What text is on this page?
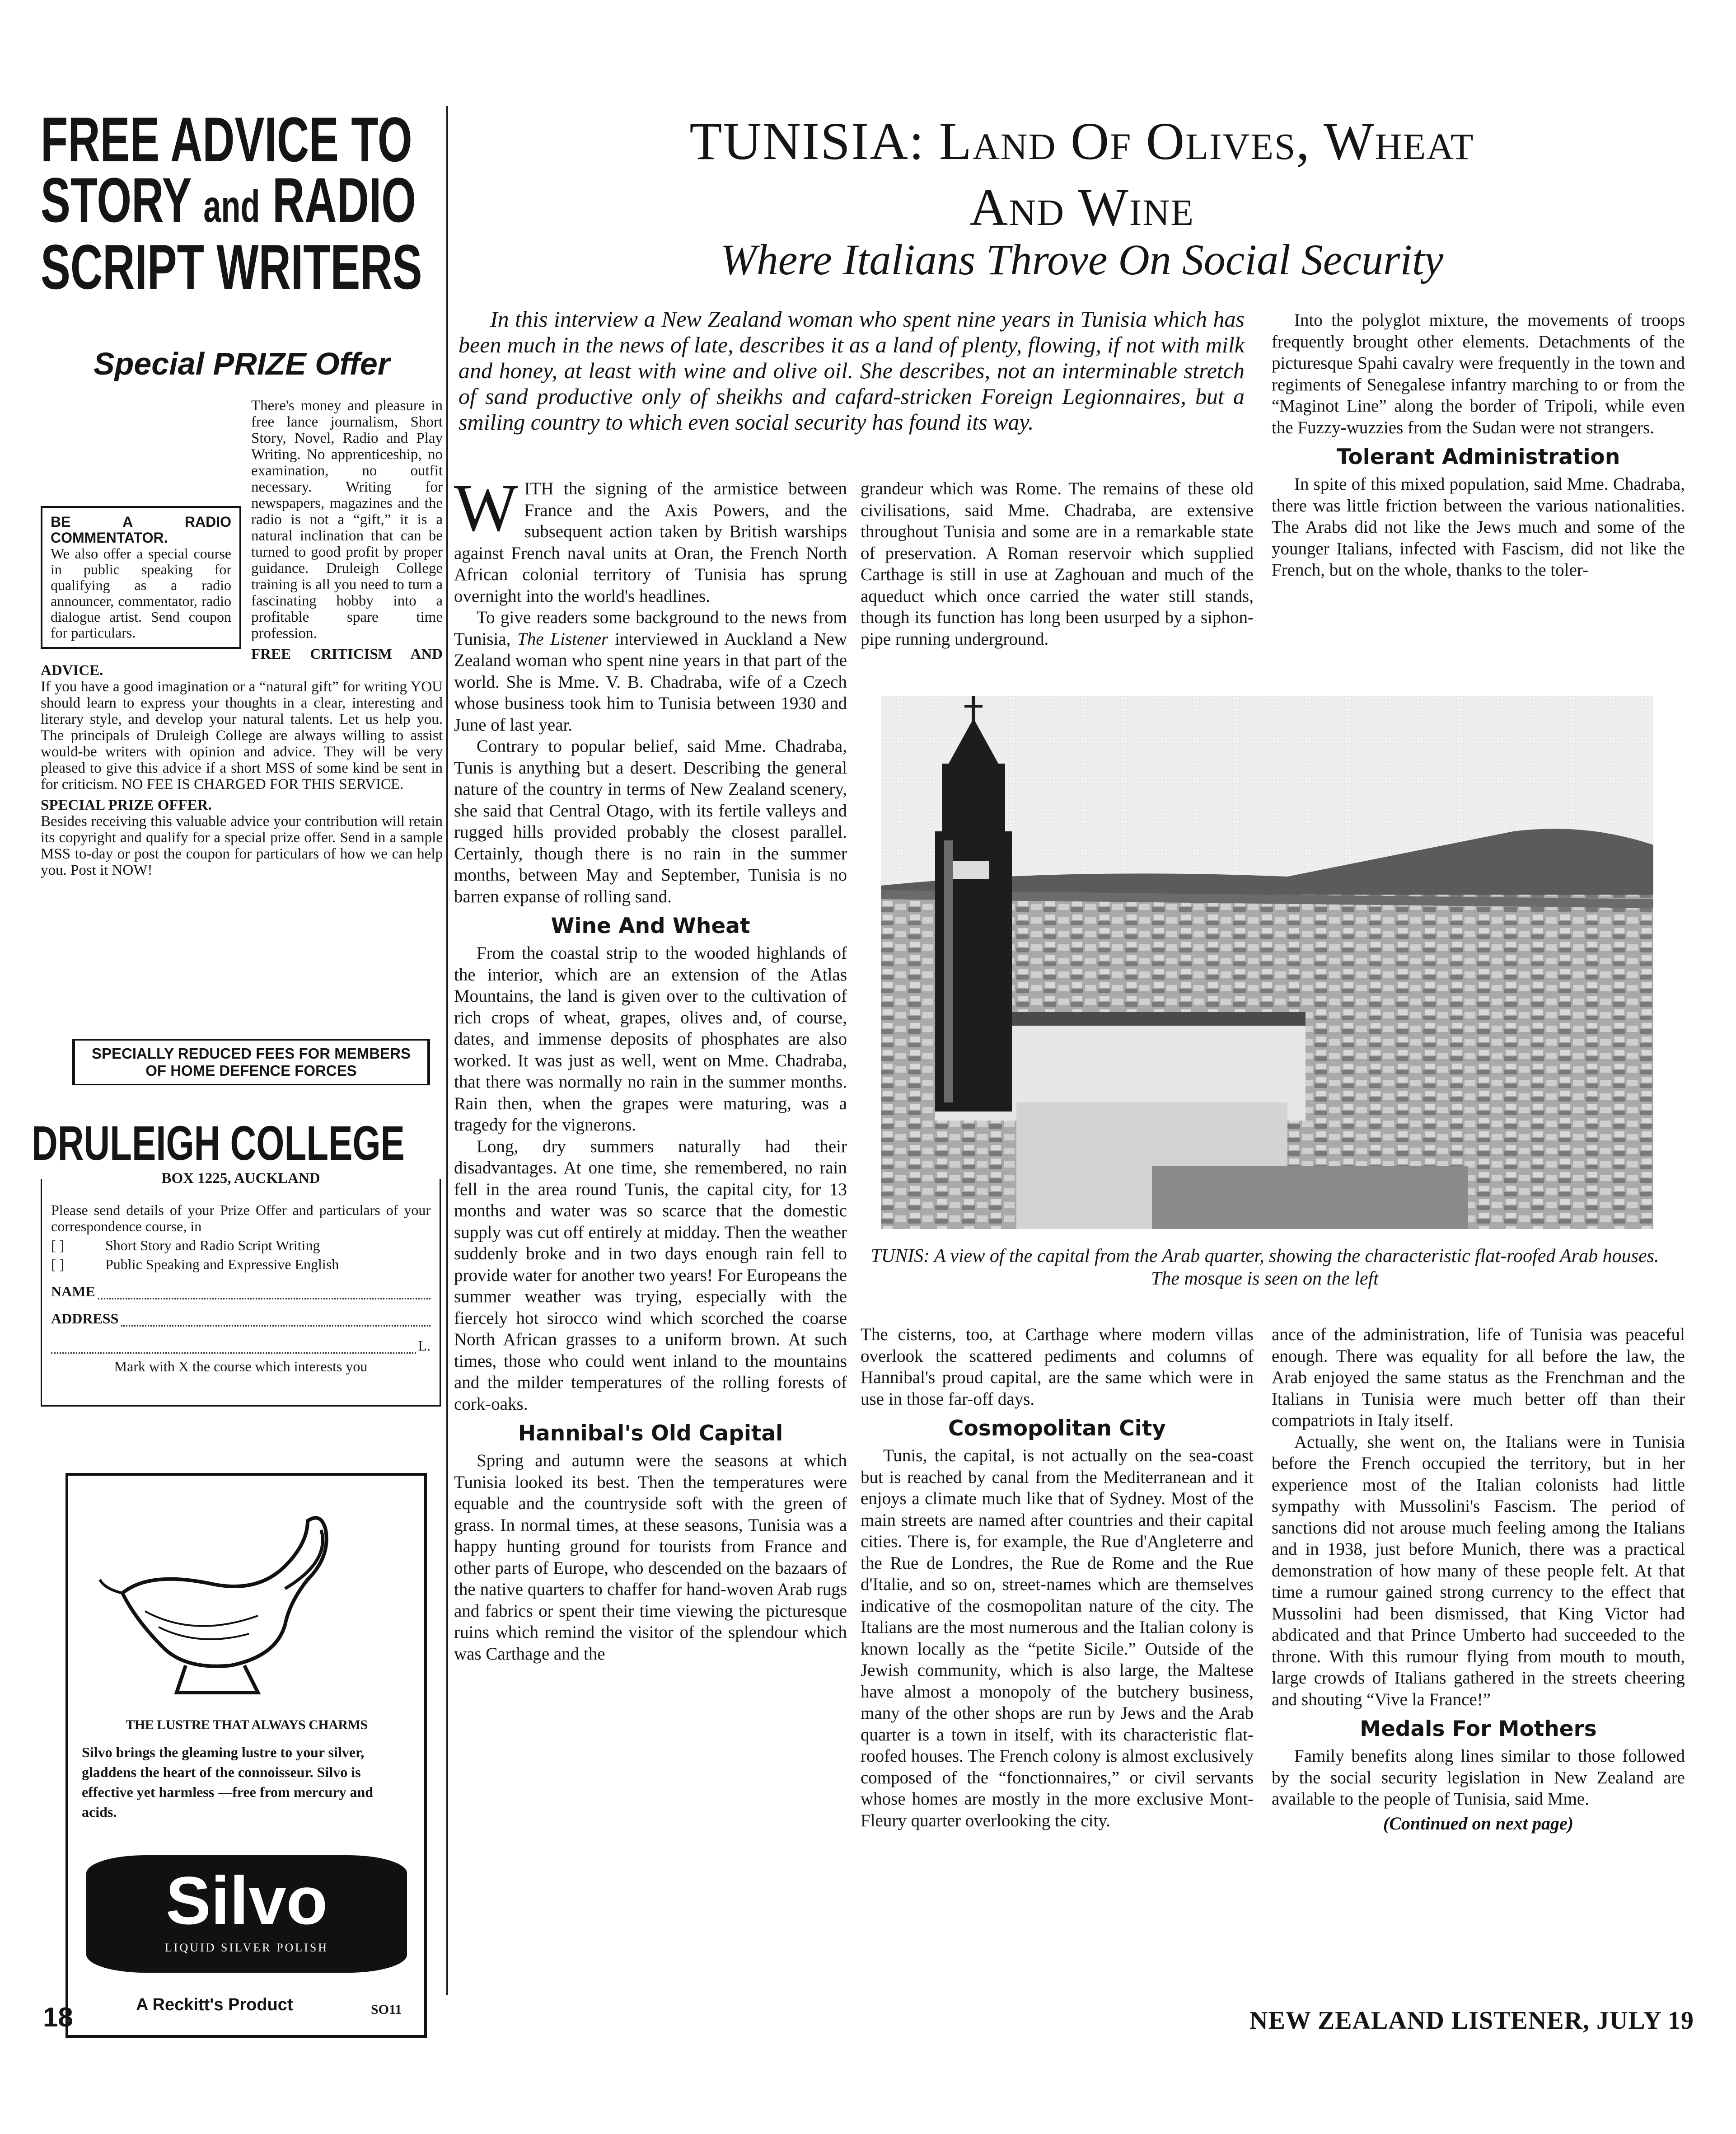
FREE ADVICE TO
STORY and RADIO
SCRIPT WRITERS
Special PRIZE Offer
BE A RADIO COMMENTATOR.
We also offer a special course in public speaking for qualifying as a radio announcer, commentator, radio dialogue artist. Send coupon for particulars.
There's money and pleasure in free lance journalism, Short Story, Novel, Radio and Play Writing. No apprenticeship, no examination, no outfit necessary. Writing for newspapers, magazines and the radio is not a “gift,” it is a natural inclination that can be turned to good profit by proper guidance. Druleigh College training is all you need to turn a fascinating hobby into a profitable spare time profession.
FREE CRITICISM AND ADVICE.
If you have a good imagination or a “natural gift” for writing YOU should learn to express your thoughts in a clear, interesting and literary style, and develop your natural talents. Let us help you. The principals of Druleigh College are always willing to assist would-be writers with opinion and advice. They will be very pleased to give this advice if a short MSS of some kind be sent in for criticism. NO FEE IS CHARGED FOR THIS SERVICE.
SPECIAL PRIZE OFFER.
Besides receiving this valuable advice your contribution will retain its copyright and qualify for a special prize offer. Send in a sample MSS to-day or post the coupon for particulars of how we can help you. Post it NOW!
SPECIALLY REDUCED FEES FOR MEMBERS OF HOME DEFENCE FORCES
DRULEIGH COLLEGE
BOX 1225, AUCKLAND
Please send details of your Prize Offer and particulars of your correspondence course, in
[ ]	Short Story and Radio Script Writing
[ ]	Public Speaking and Expressive English
NAME
ADDRESS
L.
Mark with X the course which interests you
THE LUSTRE THAT ALWAYS CHARMS
Silvo brings the gleaming lustre to your silver, gladdens the heart of the connoisseur. Silvo is effective yet harmless —free from mercury and acids.
Silvo
LIQUID SILVER POLISH
A Reckitt's Product	SO11
TUNISIA: Land Of Olives, Wheat
And Wine
Where Italians Throve On Social Security
In this interview a New Zealand woman who spent nine years in Tunisia which has been much in the news of late, describes it as a land of plenty, flowing, if not with milk and honey, at least with wine and olive oil. She describes, not an interminable stretch of sand productive only of sheikhs and cafard-stricken Foreign Legionnaires, but a smiling country to which even social security has found its way.

Into the polyglot mixture, the movements of troops frequently brought other elements. Detachments of the picturesque Spahi cavalry were frequently in the town and regiments of Senegalese infantry marching to or from the “Maginot Line” along the border of Tripoli, while even the Fuzzy-wuzzies from the Sudan were not strangers.

Tolerant Administration

In spite of this mixed population, said Mme. Chadraba, there was little friction between the various nationalities. The Arabs did not like the Jews much and some of the younger Italians, infected with Fascism, did not like the French, but on the whole, thanks to the toler-

WITH the signing of the armistice between France and the Axis Powers, and the subsequent action taken by British warships against French naval units at Oran, the French North African colonial territory of Tunisia has sprung overnight into the world's headlines.

To give readers some background to the news from Tunisia, The Listener interviewed in Auckland a New Zealand woman who spent nine years in that part of the world. She is Mme. V. B. Chadraba, wife of a Czech whose business took him to Tunisia between 1930 and June of last year.

Contrary to popular belief, said Mme. Chadraba, Tunis is anything but a desert. Describing the general nature of the country in terms of New Zealand scenery, she said that Central Otago, with its fertile valleys and rugged hills provided probably the closest parallel. Certainly, though there is no rain in the summer months, between May and September, Tunisia is no barren expanse of rolling sand.

Wine And Wheat

From the coastal strip to the wooded highlands of the interior, which are an extension of the Atlas Mountains, the land is given over to the cultivation of rich crops of wheat, grapes, olives and, of course, dates, and immense deposits of phosphates are also worked. It was just as well, went on Mme. Chadraba, that there was normally no rain in the summer months. Rain then, when the grapes were maturing, was a tragedy for the vignerons.

Long, dry summers naturally had their disadvantages. At one time, she remembered, no rain fell in the area round Tunis, the capital city, for 13 months and water was so scarce that the domestic supply was cut off entirely at midday. Then the weather suddenly broke and in two days enough rain fell to provide water for another two years! For Europeans the summer weather was trying, especially with the fiercely hot sirocco wind which scorched the coarse North African grasses to a uniform brown. At such times, those who could went inland to the mountains and the milder temperatures of the rolling forests of cork-oaks.

Hannibal's Old Capital

Spring and autumn were the seasons at which Tunisia looked its best. Then the temperatures were equable and the countryside soft with the green of grass. In normal times, at these seasons, Tunisia was a happy hunting ground for tourists from France and other parts of Europe, who descended on the bazaars of the native quarters to chaffer for hand-woven Arab rugs and fabrics or spent their time viewing the picturesque ruins which remind the visitor of the splendour which was Carthage and the

grandeur which was Rome. The remains of these old civilisations, said Mme. Chadraba, are extensive throughout Tunisia and some are in a remarkable state of preservation. A Roman reservoir which supplied Carthage is still in use at Zaghouan and much of the aqueduct which once carried the water still stands, though its function has long been usurped by a siphon-pipe running underground.

TUNIS: A view of the capital from the Arab quarter, showing the characteristic flat-roofed Arab houses. The mosque is seen on the left

The cisterns, too, at Carthage where modern villas overlook the scattered pediments and columns of Hannibal's proud capital, are the same which were in use in those far-off days.

Cosmopolitan City

Tunis, the capital, is not actually on the sea-coast but is reached by canal from the Mediterranean and it enjoys a climate much like that of Sydney. Most of the main streets are named after countries and their capital cities. There is, for example, the Rue d'Angleterre and the Rue de Londres, the Rue de Rome and the Rue d'Italie, and so on, street-names which are themselves indicative of the cosmopolitan nature of the city. The Italians are the most numerous and the Italian colony is known locally as the “petite Sicile.” Outside of the Jewish community, which is also large, the Maltese have almost a monopoly of the butchery business, many of the other shops are run by Jews and the Arab quarter is a town in itself, with its characteristic flat-roofed houses. The French colony is almost exclusively composed of the “fonctionnaires,” or civil servants whose homes are mostly in the more exclusive Mont-Fleury quarter overlooking the city.

ance of the administration, life of Tunisia was peaceful enough. There was equality for all before the law, the Arab enjoyed the same status as the Frenchman and the Italians in Tunisia were much better off than their compatriots in Italy itself.

Actually, she went on, the Italians were in Tunisia before the French occupied the territory, but in her experience most of the Italian colonists had little sympathy with Mussolini's Fascism. The period of sanctions did not arouse much feeling among the Italians and in 1938, just before Munich, there was a practical demonstration of how many of these people felt. At that time a rumour gained strong currency to the effect that Mussolini had been dismissed, that King Victor had abdicated and that Prince Umberto had succeeded to the throne. With this rumour flying from mouth to mouth, large crowds of Italians gathered in the streets cheering and shouting “Vive la France!”

Medals For Mothers

Family benefits along lines similar to those followed by the social security legislation in New Zealand are available to the people of Tunisia, said Mme.

(Continued on next page)
18	NEW ZEALAND LISTENER, JULY 19
